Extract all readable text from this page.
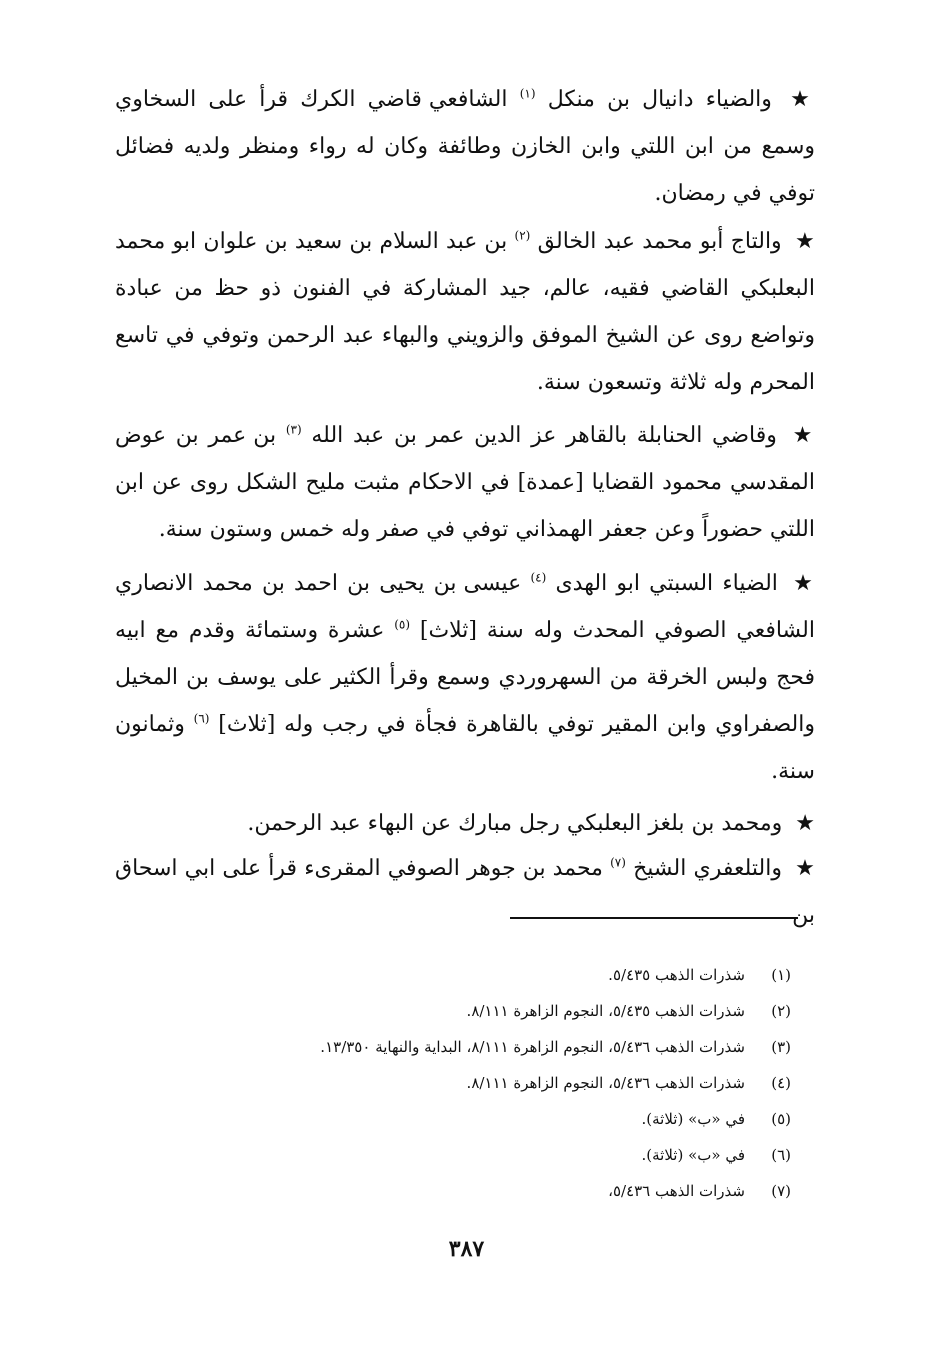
★ والضياء دانيال بن منكل $^{(١)}$ الشافعي قاضي الكرك قرأ على السخاوي وسمع من ابن اللتي وابن الخازن وطائفة وكان له رواء ومنظر ولديه فضائل توفي في رمضان.

★ والتاج أبو محمد عبد الخالق $^{(٢)}$ بن عبد السلام بن سعيد بن علوان ابو محمد البعلبكي القاضي فقيه، عالم، جيد المشاركة في الفنون ذو حظ من عبادة وتواضع روى عن الشيخ الموفق والزويني والبهاء عبد الرحمن وتوفي في تاسع المحرم وله ثلاثة وتسعون سنة.

★ وقاضي الحنابلة بالقاهر عز الدين عمر بن عبد الله $^{(٣)}$ بن عمر بن عوض المقدسي محمود القضايا [عمدة] في الاحكام مثبت مليح الشكل روى عن ابن اللتي حضوراً وعن جعفر الهمذاني توفي في صفر وله خمس وستون سنة.

★ الضياء السبتي ابو الهدى $^{(٤)}$ عيسى بن يحيى بن احمد بن محمد الانصاري الشافعي الصوفي المحدث وله سنة [ثلاث] $^{(٥)}$ عشرة وستمائة وقدم مع ابيه فحج ولبس الخرقة من السهروردي وسمع وقرأ الكثير على يوسف بن المخيل والصفراوي وابن المقير توفي بالقاهرة فجأة في رجب وله [ثلاث] $^{(٦)}$ وثمانون سنة.

★ ومحمد بن بلغز البعلبكي رجل مبارك عن البهاء عبد الرحمن.

★ والتلعفري الشيخ $^{(٧)}$ محمد بن جوهر الصوفي المقرىء قرأ على ابي اسحاق بن

(١)شذرات الذهب ٥/٤٣٥.
(٢)شذرات الذهب ٥/٤٣٥، النجوم الزاهرة ٨/١١١.
(٣)شذرات الذهب ٥/٤٣٦، النجوم الزاهرة ٨/١١١، البداية والنهاية ١٣/٣٥٠.
(٤)شذرات الذهب ٥/٤٣٦، النجوم الزاهرة ٨/١١١.
(٥)في «ب» (ثلاثة).
(٦)في «ب» (ثلاثة).
(٧)شذرات الذهب ٥/٤٣٦،
٣٨٧
